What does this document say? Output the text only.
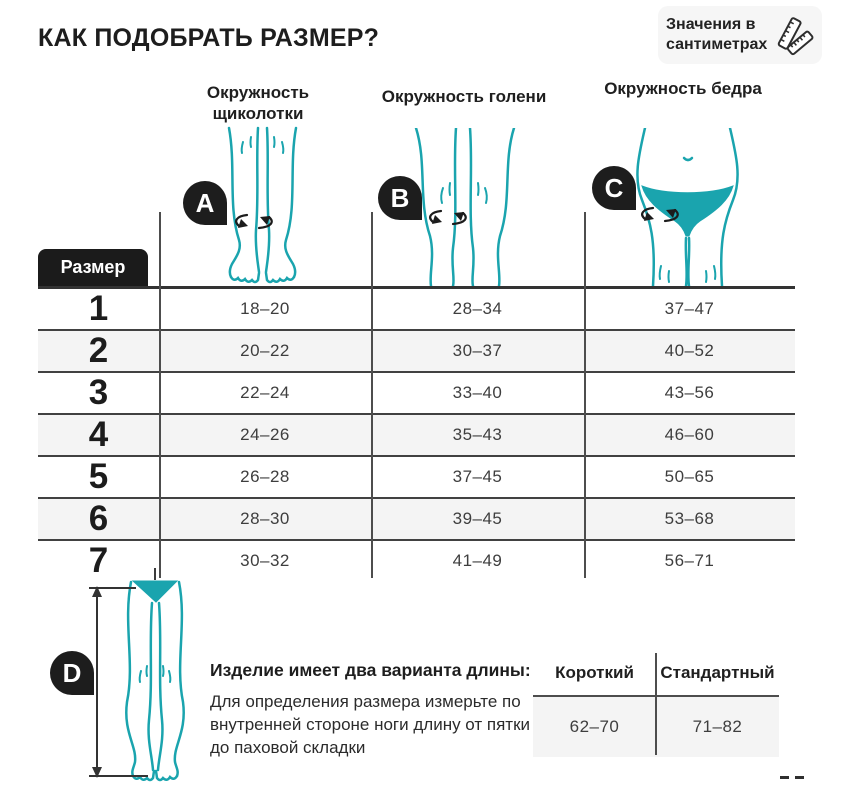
КАК ПОДОБРАТЬ РАЗМЕР?	Значения в сантиметрах
Окружность щиколотки
Окружность голени	Окружность бедра
A	B	C
Размер
1	18–20	28–34	37–47
2	20–22	30–37	40–52
3	22–24	33–40	43–56
4	24–26	35–43	46–60
5	26–28	37–45	50–65
6	28–30	39–45	53–68
7	30–32	41–49	56–71
D	Изделие имеет два варианта длины:
Для определения размера измерьте по внутренней стороне ноги длину от пятки до паховой складки
Короткий	Стандартный
62–70	71–82
